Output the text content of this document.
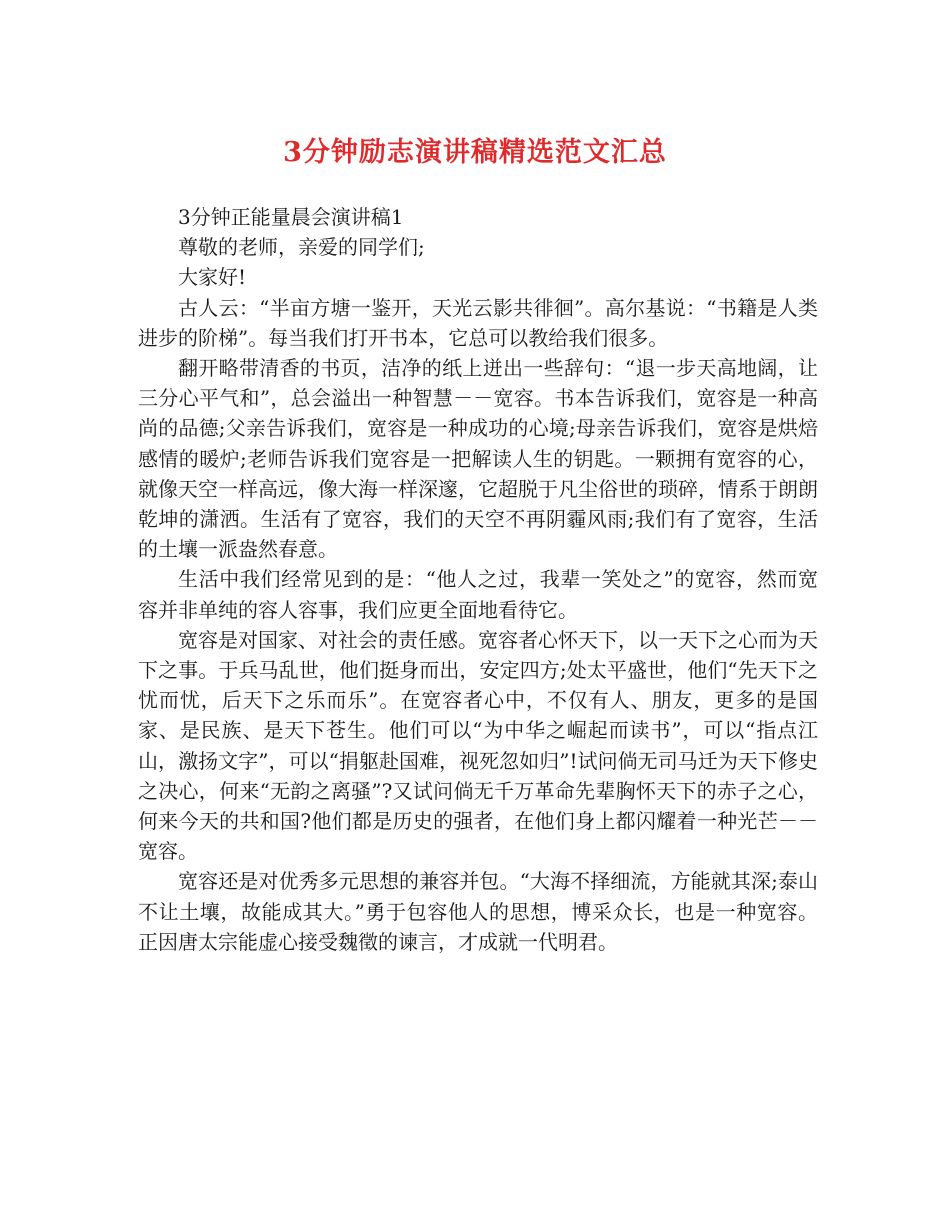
3分钟励志演讲稿精选范文汇总

3分钟正能量晨会演讲稿1

尊敬的老师，亲爱的同学们;

大家好!

古人云：“半亩方塘一鉴开，天光云影共徘徊”。高尔基说：“书籍是人类进步的阶梯”。每当我们打开书本，它总可以教给我们很多。

翻开略带清香的书页，洁净的纸上迸出一些辞句：“退一步天高地阔，让三分心平气和”，总会溢出一种智慧－－宽容。书本告诉我们，宽容是一种高尚的品德;父亲告诉我们，宽容是一种成功的心境;母亲告诉我们，宽容是烘焙感情的暖炉;老师告诉我们宽容是一把解读人生的钥匙。一颗拥有宽容的心，就像天空一样高远，像大海一样深邃，它超脱于凡尘俗世的琐碎，情系于朗朗乾坤的潇洒。生活有了宽容，我们的天空不再阴霾风雨;我们有了宽容，生活的土壤一派盎然春意。

生活中我们经常见到的是：“他人之过，我辈一笑处之”的宽容，然而宽容并非单纯的容人容事，我们应更全面地看待它。

宽容是对国家、对社会的责任感。宽容者心怀天下，以一天下之心而为天下之事。于兵马乱世，他们挺身而出，安定四方;处太平盛世，他们“先天下之忧而忧，后天下之乐而乐”。在宽容者心中，不仅有人、朋友，更多的是国家、是民族、是天下苍生。他们可以“为中华之崛起而读书”，可以“指点江山，激扬文字”，可以“捐躯赴国难，视死忽如归”!试问倘无司马迁为天下修史之决心，何来“无韵之离骚”?又试问倘无千万革命先辈胸怀天下的赤子之心，何来今天的共和国?他们都是历史的强者，在他们身上都闪耀着一种光芒－－宽容。

宽容还是对优秀多元思想的兼容并包。“大海不择细流，方能就其深;泰山不让土壤，故能成其大。”勇于包容他人的思想，博采众长，也是一种宽容。正因唐太宗能虚心接受魏徵的谏言，才成就一代明君。
